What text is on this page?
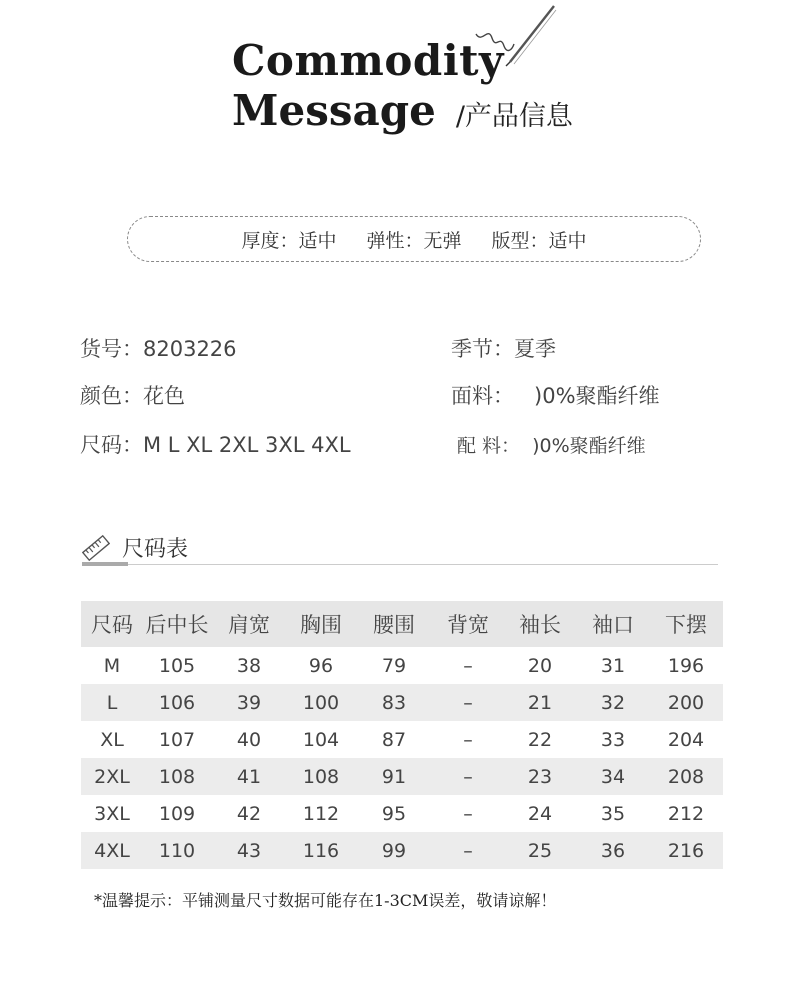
Commodity
Message /产品信息
厚度：适中 弹性：无弹 版型：适中
货号：8203226	季节：夏季
颜色：花色	面料：   )0%聚酯纤维
尺码：M L XL 2XL 3XL 4XL	配 料：  )0%聚酯纤维
尺码表
尺码	后中长	肩宽	胸围	腰围	背宽	袖长	袖口	下摆
M	105	38	96	79	–	20	31	196
L	106	39	100	83	–	21	32	200
XL	107	40	104	87	–	22	33	204
2XL	108	41	108	91	–	23	34	208
3XL	109	42	112	95	–	24	35	212
4XL	110	43	116	99	–	25	36	216
*温馨提示：平铺测量尺寸数据可能存在1-3CM误差，敬请谅解！
